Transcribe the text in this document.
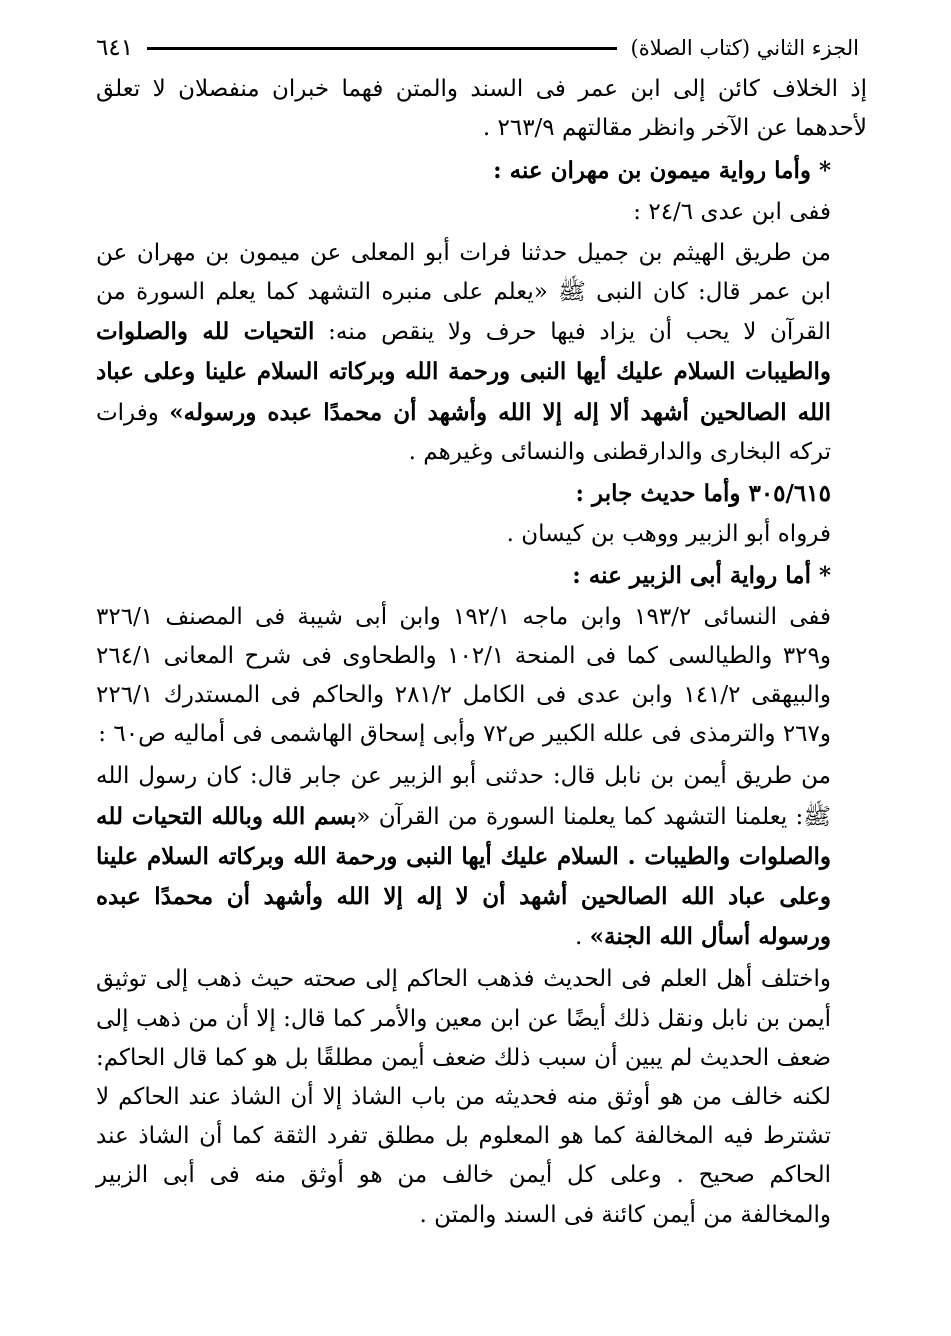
الجزء الثاني (كتاب الصلاة)
٦٤١

إذ الخلاف كائن إلى ابن عمر فى السند والمتن فهما خبران منفصلان لا تعلق لأحدهما عن الآخر وانظر مقالتهم ٢٦٣/٩ .

* وأما رواية ميمون بن مهران عنه :

ففى ابن عدى ٢٤/٦ :

من طريق الهيثم بن جميل حدثنا فرات أبو المعلى عن ميمون بن مهران عن ابن عمر قال: كان النبى ﷺ «يعلم على منبره التشهد كما يعلم السورة من القرآن لا يحب أن يزاد فيها حرف ولا ينقص منه: التحيات لله والصلوات والطيبات السلام عليك أيها النبى ورحمة الله وبركاته السلام علينا وعلى عباد الله الصالحين أشهد ألا إله إلا الله وأشهد أن محمدًا عبده ورسوله» وفرات تركه البخارى والدارقطنى والنسائى وغيرهم .

٣٠٥/٦١٥ وأما حديث جابر :

فرواه أبو الزبير ووهب بن كيسان .

* أما رواية أبى الزبير عنه :

ففى النسائى ١٩٣/٢ وابن ماجه ١٩٢/١ وابن أبى شيبة فى المصنف ٣٢٦/١ و٣٢٩ والطيالسى كما فى المنحة ١٠٢/١ والطحاوى فى شرح المعانى ٢٦٤/١ والبيهقى ١٤١/٢ وابن عدى فى الكامل ٢٨١/٢ والحاكم فى المستدرك ٢٢٦/١ و٢٦٧ والترمذى فى علله الكبير ص٧٢ وأبى إسحاق الهاشمى فى أماليه ص٦٠ :

من طريق أيمن بن نابل قال: حدثنى أبو الزبير عن جابر قال: كان رسول الله ﷺ: يعلمنا التشهد كما يعلمنا السورة من القرآن «بسم الله وبالله التحيات لله والصلوات والطيبات . السلام عليك أيها النبى ورحمة الله وبركاته السلام علينا وعلى عباد الله الصالحين أشهد أن لا إله إلا الله وأشهد أن محمدًا عبده ورسوله أسأل الله الجنة» .

واختلف أهل العلم فى الحديث فذهب الحاكم إلى صحته حيث ذهب إلى توثيق أيمن بن نابل ونقل ذلك أيضًا عن ابن معين والأمر كما قال: إلا أن من ذهب إلى ضعف الحديث لم يبين أن سبب ذلك ضعف أيمن مطلقًا بل هو كما قال الحاكم: لكنه خالف من هو أوثق منه فحديثه من باب الشاذ إلا أن الشاذ عند الحاكم لا تشترط فيه المخالفة كما هو المعلوم بل مطلق تفرد الثقة كما أن الشاذ عند الحاكم صحيح . وعلى كل أيمن خالف من هو أوثق منه فى أبى الزبير والمخالفة من أيمن كائنة فى السند والمتن .
